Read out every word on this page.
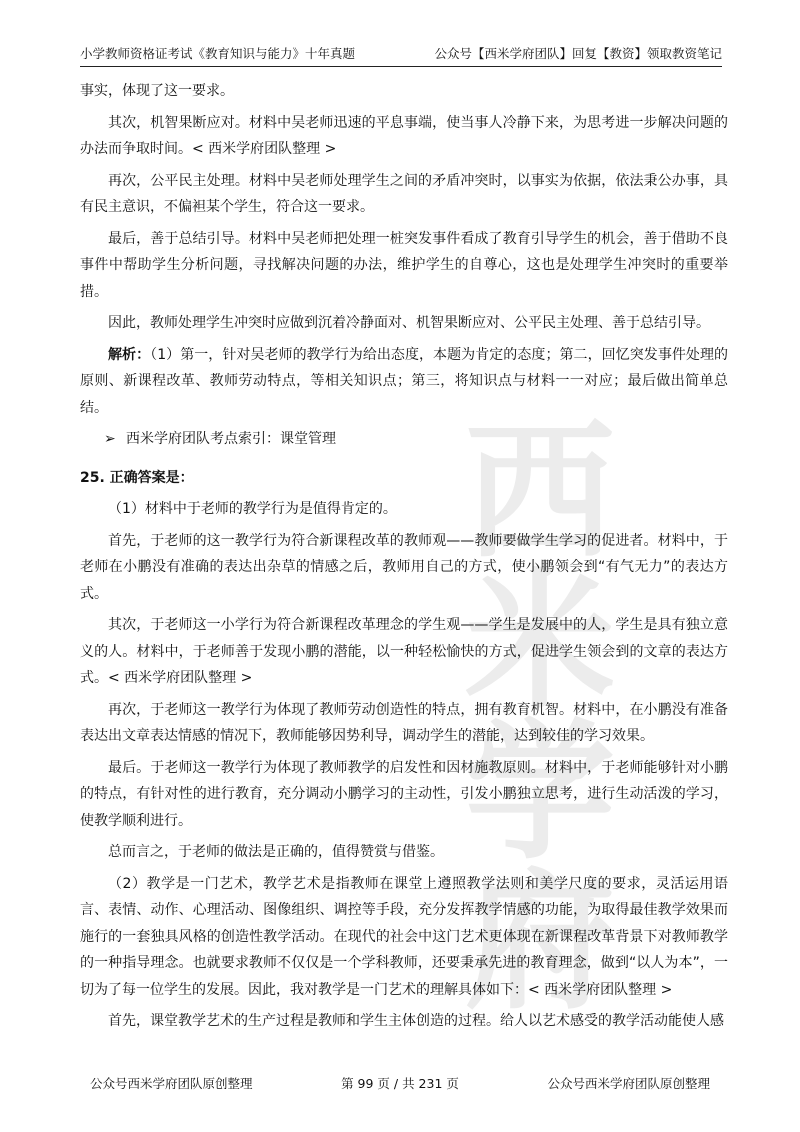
小学教师资格证考试《教育知识与能力》十年真题	公众号【西米学府团队】回复【教资】领取教资笔记
西米
学府

事实，体现了这一要求。

其次，机智果断应对。材料中吴老师迅速的平息事端，使当事人冷静下来，为思考进一步解决问题的办法而争取时间。< 西米学府团队整理 >

再次，公平民主处理。材料中吴老师处理学生之间的矛盾冲突时，以事实为依据，依法秉公办事，具有民主意识，不偏袒某个学生，符合这一要求。

最后，善于总结引导。材料中吴老师把处理一桩突发事件看成了教育引导学生的机会，善于借助不良事件中帮助学生分析问题，寻找解决问题的办法，维护学生的自尊心，这也是处理学生冲突时的重要举措。

因此，教师处理学生冲突时应做到沉着冷静面对、机智果断应对、公平民主处理、善于总结引导。

解析：（1）第一，针对吴老师的教学行为给出态度，本题为肯定的态度；第二，回忆突发事件处理的原则、新课程改革、教师劳动特点，等相关知识点；第三，将知识点与材料一一对应；最后做出简单总结。

➢ 西米学府团队考点索引：课堂管理

25. 正确答案是：

（1）材料中于老师的教学行为是值得肯定的。

首先，于老师的这一教学行为符合新课程改革的教师观——教师要做学生学习的促进者。材料中，于老师在小鹏没有准确的表达出杂草的情感之后，教师用自己的方式，使小鹏领会到“有气无力”的表达方式。

其次，于老师这一小学行为符合新课程改革理念的学生观——学生是发展中的人，学生是具有独立意义的人。材料中，于老师善于发现小鹏的潜能，以一种轻松愉快的方式，促进学生领会到的文章的表达方式。< 西米学府团队整理 >

再次，于老师这一教学行为体现了教师劳动创造性的特点，拥有教育机智。材料中，在小鹏没有准备表达出文章表达情感的情况下，教师能够因势利导，调动学生的潜能，达到较佳的学习效果。

最后。于老师这一教学行为体现了教师教学的启发性和因材施教原则。材料中，于老师能够针对小鹏的特点，有针对性的进行教育，充分调动小鹏学习的主动性，引发小鹏独立思考，进行生动活泼的学习，使教学顺利进行。

总而言之，于老师的做法是正确的，值得赞赏与借鉴。

（2）教学是一门艺术，教学艺术是指教师在课堂上遵照教学法则和美学尺度的要求，灵活运用语言、表情、动作、心理活动、图像组织、调控等手段，充分发挥教学情感的功能，为取得最佳教学效果而施行的一套独具风格的创造性教学活动。在现代的社会中这门艺术更体现在新课程改革背景下对教师教学的一种指导理念。也就要求教师不仅仅是一个学科教师，还要秉承先进的教育理念，做到“以人为本”，一切为了每一位学生的发展。因此，我对教学是一门艺术的理解具体如下：< 西米学府团队整理 >

首先，课堂教学艺术的生产过程是教师和学生主体创造的过程。给人以艺术感受的教学活动能使人感

公众号西米学府团队原创整理	第 99 页 / 共 231 页	公众号西米学府团队原创整理
